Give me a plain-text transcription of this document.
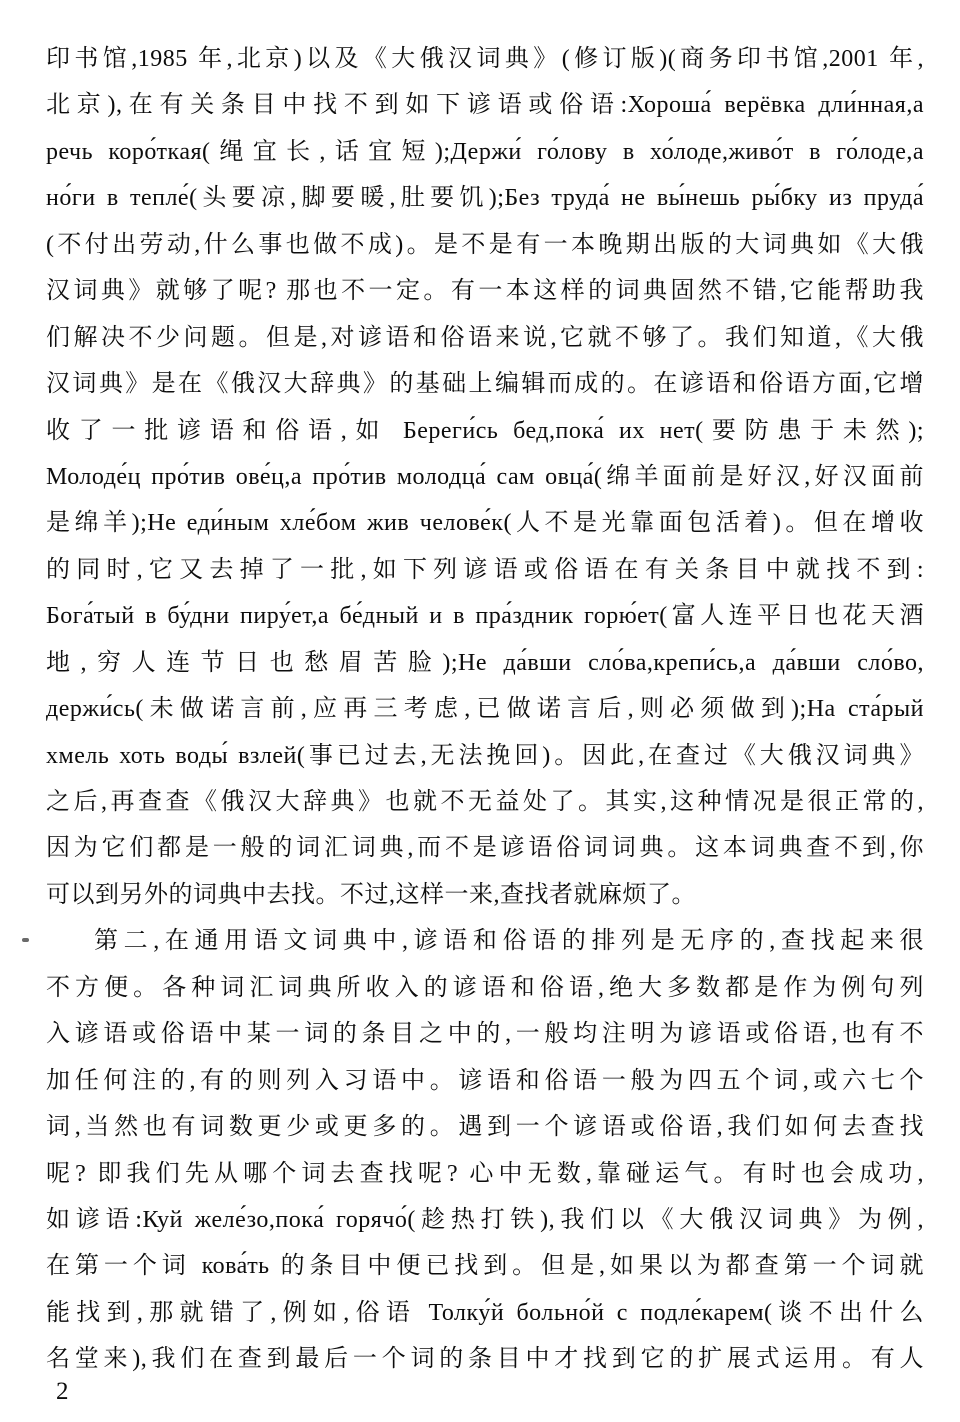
印书馆,1985 年,北京)以及《大俄汉词典》(修订版)(商务印书馆,2001 年,
北京),在有关条目中找不到如下谚语或俗语:Хороша́ верёвка дли́нная,а
речь коро́ткая(绳宜长,话宜短);Держи́ го́лову в хо́лоде,живо́т в го́лоде,а
но́ги в тепле́(头要凉,脚要暖,肚要饥);Без труда́ не вы́нешь ры́бку из пруда́
(不付出劳动,什么事也做不成)。是不是有一本晚期出版的大词典如《大俄
汉词典》就够了呢? 那也不一定。有一本这样的词典固然不错,它能帮助我
们解决不少问题。但是,对谚语和俗语来说,它就不够了。我们知道,《大俄
汉词典》是在《俄汉大辞典》的基础上编辑而成的。在谚语和俗语方面,它增
收了一批谚语和俗语,如 Береги́сь бед,пока́ их нет(要防患于未然);
Молоде́ц про́тив ове́ц,а про́тив молодца́ сам овца́(绵羊面前是好汉,好汉面前
是绵羊);Не еди́ным хле́бом жив челове́к(人不是光靠面包活着)。但在增收
的同时,它又去掉了一批,如下列谚语或俗语在有关条目中就找不到:
Бога́тый в бу́дни пиру́ет,а бе́дный и в пра́здник горю́ет(富人连平日也花天酒
地,穷人连节日也愁眉苦脸);Не да́вши сло́ва,крепи́сь,а да́вши сло́во,
держи́сь(未做诺言前,应再三考虑,已做诺言后,则必须做到);На ста́рый
хмель хоть воды́ взлей(事已过去,无法挽回)。因此,在查过《大俄汉词典》
之后,再查查《俄汉大辞典》也就不无益处了。其实,这种情况是很正常的,
因为它们都是一般的词汇词典,而不是谚语俗词词典。这本词典查不到,你
可以到另外的词典中去找。不过,这样一来,查找者就麻烦了。
第二,在通用语文词典中,谚语和俗语的排列是无序的,查找起来很
不方便。各种词汇词典所收入的谚语和俗语,绝大多数都是作为例句列
入谚语或俗语中某一词的条目之中的,一般均注明为谚语或俗语,也有不
加任何注的,有的则列入习语中。谚语和俗语一般为四五个词,或六七个
词,当然也有词数更少或更多的。遇到一个谚语或俗语,我们如何去查找
呢? 即我们先从哪个词去查找呢? 心中无数,靠碰运气。有时也会成功,
如谚语:Куй желе́зо,пока́ горячо́(趁热打铁),我们以《大俄汉词典》为例,
在第一个词 кова́ть 的条目中便已找到。但是,如果以为都查第一个词就
能找到,那就错了,例如,俗语 Толку́й больно́й с подле́карем(谈不出什么
名堂来),我们在查到最后一个词的条目中才找到它的扩展式运用。有人
2
